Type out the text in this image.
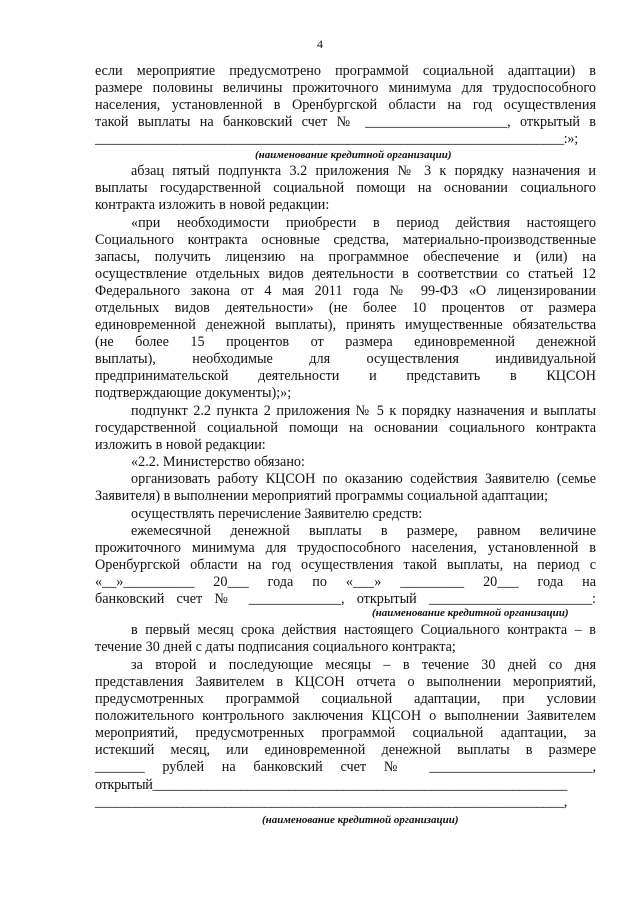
4
если мероприятие предусмотрено программой социальной адаптации) в
размере половины величины прожиточного минимума для трудоспособного
населения, установленной в Оренбургской области на год осуществления
такой выплаты на банковский счет № ____________________, открытый в
_____________________________________________________________________:»;
(наименование кредитной организации)
абзац пятый подпункта 3.2 приложения № 3 к порядку назначения и
выплаты государственной социальной помощи на основании социального
контракта изложить в новой редакции:
«при необходимости приобрести в период действия настоящего
Социального контракта основные средства, материально-производственные
запасы, получить лицензию на программное обеспечение и (или) на
осуществление отдельных видов деятельности в соответствии со статьей 12
Федерального закона от 4 мая 2011 года № 99-ФЗ «О лицензировании
отдельных видов деятельности» (не более 10 процентов от размера
единовременной денежной выплаты), принять имущественные обязательства
(не более 15 процентов от размера единовременной денежной
выплаты), необходимые для осуществления индивидуальной
предпринимательской деятельности и представить в КЦСОН
подтверждающие документы);»;
подпункт 2.2 пункта 2 приложения № 5 к порядку назначения и выплаты
государственной социальной помощи на основании социального контракта
изложить в новой редакции:
«2.2. Министерство обязано:
организовать работу КЦСОН по оказанию содействия Заявителю (семье
Заявителя) в выполнении мероприятий программы социальной адаптации;
осуществлять перечисление Заявителю средств:
ежемесячной денежной выплаты в размере, равном величине
прожиточного минимума для трудоспособного населения, установленной в
Оренбургской области на год осуществления такой выплаты, на период с
«__»__________ 20___ года по «___» _________ 20___ года на
банковский счет № _____________, открытый _______________________:
(наименование кредитной организации)
в первый месяц срока действия настоящего Социального контракта – в
течение 30 дней с даты подписания социального контракта;
за второй и последующие месяцы – в течение 30 дней со дня
представления Заявителем в КЦСОН отчета о выполнении мероприятий,
предусмотренных программой социальной адаптации, при условии
положительного контрольного заключения КЦСОН о выполнении Заявителем
мероприятий, предусмотренных программой социальной адаптации, за
истекший месяц, или единовременной денежной выплаты в размере
_______ рублей на банковский счет № _______________________,
открытый_____________________________________________________________
_____________________________________________________________________,
(наименование кредитной организации)
